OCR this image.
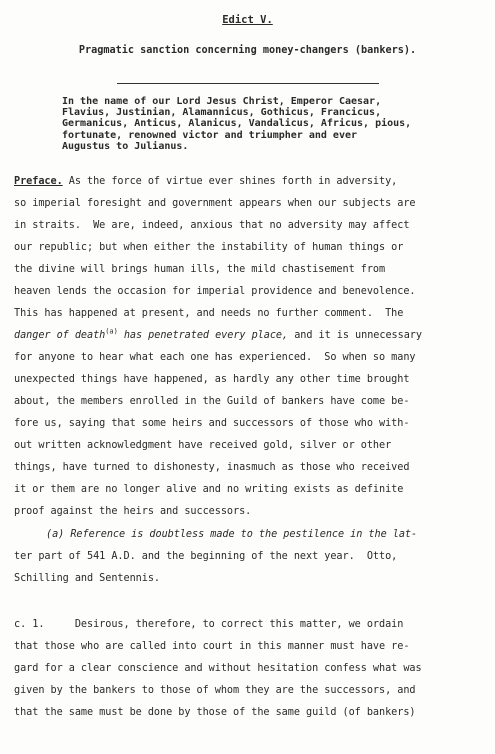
Edict V.
Pragmatic sanction concerning money-changers (bankers).
In the name of our Lord Jesus Christ, Emperor Caesar,
Flavius, Justinian, Alamannicus, Gothicus, Francicus,
Germanicus, Anticus, Alanicus, Vandalicus, Africus, pious,
fortunate, renowned victor and triumpher and ever
Augustus to Julianus.
Preface. As the force of virtue ever shines forth in adversity,
so imperial foresight and government appears when our subjects are
in straits.  We are, indeed, anxious that no adversity may affect
our republic; but when either the instability of human things or
the divine will brings human ills, the mild chastisement from
heaven lends the occasion for imperial providence and benevolence.
This has happened at present, and needs no further comment.  The
danger of death$^{(a)}$ has penetrated every place, and it is unnecessary
for anyone to hear what each one has experienced.  So when so many
unexpected things have happened, as hardly any other time brought
about, the members enrolled in the Guild of bankers have come be-
fore us, saying that some heirs and successors of those who with-
out written acknowledgment have received gold, silver or other
things, have turned to dishonesty, inasmuch as those who received
it or them are no longer alive and no writing exists as definite
proof against the heirs and successors.
(a) Reference is doubtless made to the pestilence in the lat-
ter part of 541 A.D. and the beginning of the next year.  Otto,
Schilling and Sentennis.
c. 1.     Desirous, therefore, to correct this matter, we ordain
that those who are called into court in this manner must have re-
gard for a clear conscience and without hesitation confess what was
given by the bankers to those of whom they are the successors, and
that the same must be done by those of the same guild (of bankers)
